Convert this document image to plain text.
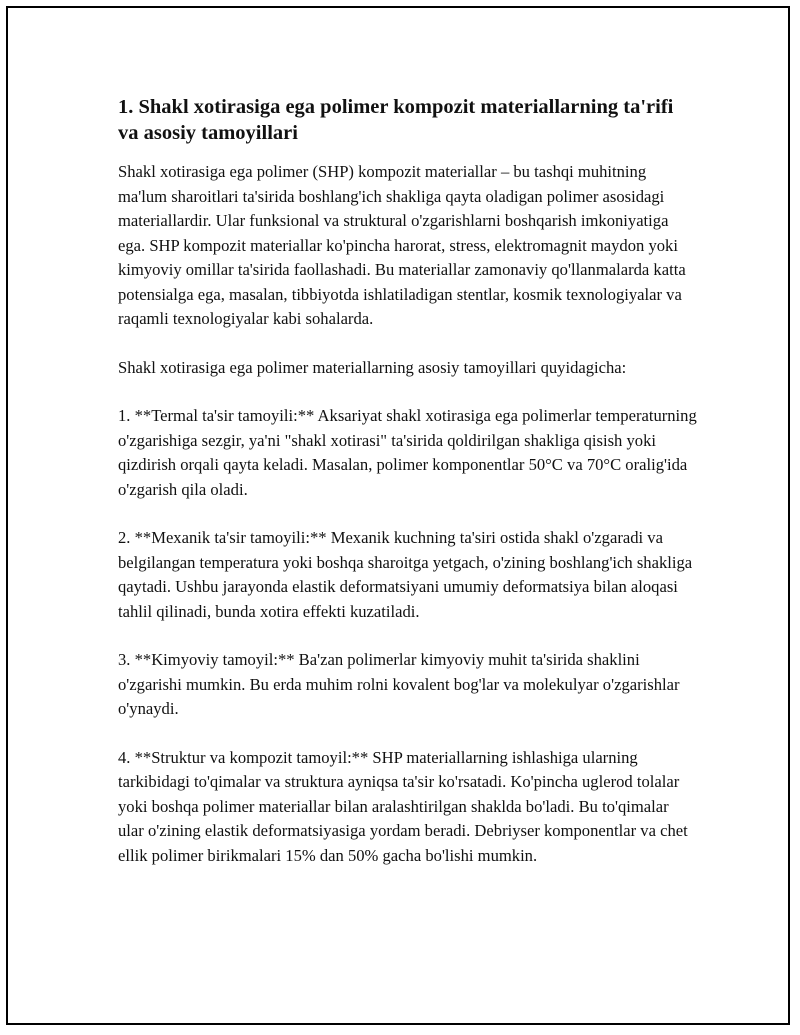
1. Shakl xotirasiga ega polimer kompozit materiallarning ta'rifi va asosiy tamoyillari

Shakl xotirasiga ega polimer (SHP) kompozit materiallar – bu tashqi muhitning ma'lum sharoitlari ta'sirida boshlang'ich shakliga qayta oladigan polimer asosidagi materiallardir. Ular funksional va struktural o'zgarishlarni boshqarish imkoniyatiga ega. SHP kompozit materiallar ko'pincha harorat, stress, elektromagnit maydon yoki kimyoviy omillar ta'sirida faollashadi. Bu materiallar zamonaviy qo'llanmalarda katta potensialga ega, masalan, tibbiyotda ishlatiladigan stentlar, kosmik texnologiyalar va raqamli texnologiyalar kabi sohalarda.

Shakl xotirasiga ega polimer materiallarning asosiy tamoyillari quyidagicha:

1. **Termal ta'sir tamoyili:** Aksariyat shakl xotirasiga ega polimerlar temperaturning o'zgarishiga sezgir, ya'ni "shakl xotirasi" ta'sirida qoldirilgan shakliga qisish yoki qizdirish orqali qayta keladi. Masalan, polimer komponentlar 50°C va 70°C oralig'ida o'zgarish qila oladi.

2. **Mexanik ta'sir tamoyili:** Mexanik kuchning ta'siri ostida shakl o'zgaradi va belgilangan temperatura yoki boshqa sharoitga yetgach, o'zining boshlang'ich shakliga qaytadi. Ushbu jarayonda elastik deformatsiyani umumiy deformatsiya bilan aloqasi tahlil qilinadi, bunda xotira effekti kuzatiladi.

3. **Kimyoviy tamoyil:** Ba'zan polimerlar kimyoviy muhit ta'sirida shaklini o'zgarishi mumkin. Bu erda muhim rolni kovalent bog'lar va molekulyar o'zgarishlar o'ynaydi.

4. **Struktur va kompozit tamoyil:** SHP materiallarning ishlashiga ularning tarkibidagi to'qimalar va struktura ayniqsa ta'sir ko'rsatadi. Ko'pincha uglerod tolalar yoki boshqa polimer materiallar bilan aralashtirilgan shaklda bo'ladi. Bu to'qimalar ular o'zining elastik deformatsiyasiga yordam beradi. Debriyser komponentlar va chet ellik polimer birikmalari 15% dan 50% gacha bo'lishi mumkin.
